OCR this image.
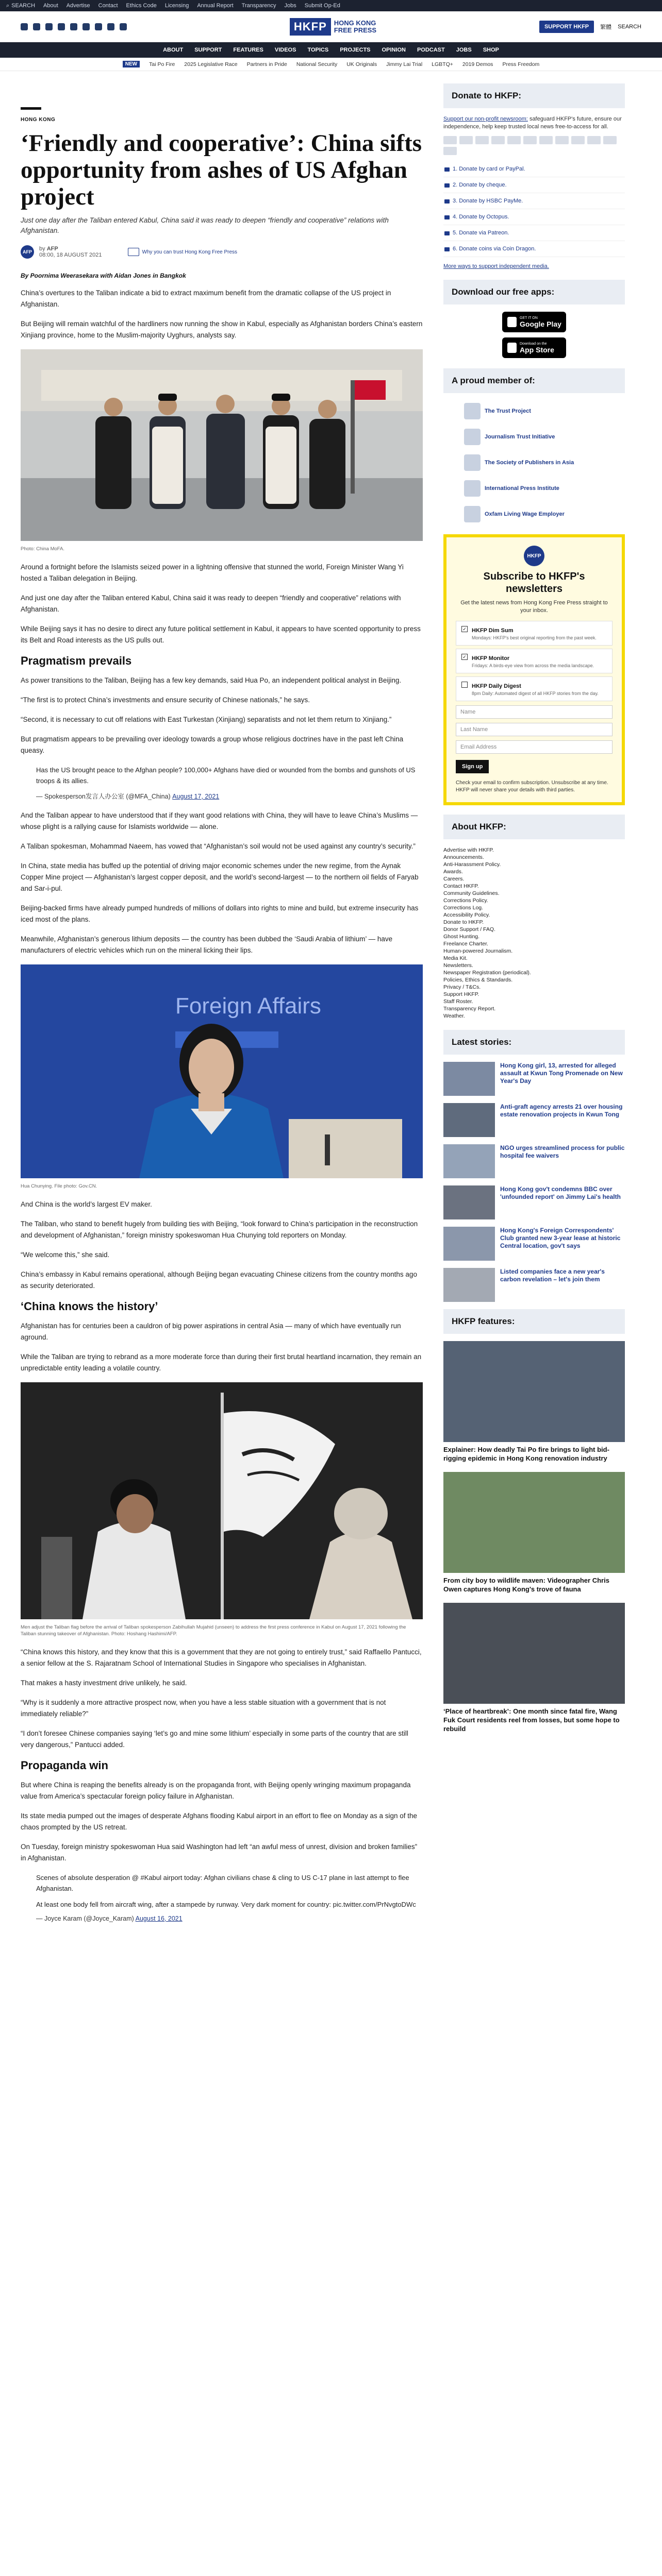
⌕ SEARCH About Advertise Contact Ethics Code Licensing Annual Report Transparency Jobs Submit Op-Ed
HKFP	HONG KONG
FREE PRESS	SUPPORT HKFP	繁體 SEARCH
ABOUT SUPPORT FEATURES VIDEOS TOPICS PROJECTS OPINION PODCAST JOBS SHOP
NEW	Tai Po Fire 2025 Legislative Race Partners in Pride National Security UK Originals Jimmy Lai Trial LGBTQ+ 2019 Demos Press Freedom
HONG KONG
‘Friendly and cooperative’: China sifts opportunity from ashes of US Afghan project
Just one day after the Taliban entered Kabul, China said it was ready to deepen “friendly and cooperative” relations with Afghanistan.
AFP	by AFP
08:00, 18 AUGUST 2021	Why you can trust Hong Kong Free Press
By Poornima Weerasekara with Aidan Jones in Bangkok

China’s overtures to the Taliban indicate a bid to extract maximum benefit from the dramatic collapse of the US project in Afghanistan.

But Beijing will remain watchful of the hardliners now running the show in Kabul, especially as Afghanistan borders China’s eastern Xinjiang province, home to the Muslim-majority Uyghurs, analysts say.

Photo: China MoFA.

Around a fortnight before the Islamists seized power in a lightning offensive that stunned the world, Foreign Minister Wang Yi hosted a Taliban delegation in Beijing.

And just one day after the Taliban entered Kabul, China said it was ready to deepen “friendly and cooperative” relations with Afghanistan.

While Beijing says it has no desire to direct any future political settlement in Kabul, it appears to have scented opportunity to press its Belt and Road interests as the US pulls out.

Pragmatism prevails

As power transitions to the Taliban, Beijing has a few key demands, said Hua Po, an independent political analyst in Beijing.

“The first is to protect China’s investments and ensure security of Chinese nationals,” he says.

“Second, it is necessary to cut off relations with East Turkestan (Xinjiang) separatists and not let them return to Xinjiang.”

But pragmatism appears to be prevailing over ideology towards a group whose religious doctrines have in the past left China queasy.

Has the US brought peace to the Afghan people? 100,000+ Afghans have died or wounded from the bombs and gunshots of US troops & its allies.

— Spokesperson发言人办公室 (@MFA_China) August 17, 2021

And the Taliban appear to have understood that if they want good relations with China, they will have to leave China’s Muslims — whose plight is a rallying cause for Islamists worldwide — alone.

A Taliban spokesman, Mohammad Naeem, has vowed that “Afghanistan’s soil would not be used against any country’s security.”

In China, state media has buffed up the potential of driving major economic schemes under the new regime, from the Aynak Copper Mine project — Afghanistan’s largest copper deposit, and the world’s second-largest — to the northern oil fields of Faryab and Sar-i-pul.

Beijing-backed firms have already pumped hundreds of millions of dollars into rights to mine and build, but extreme insecurity has iced most of the plans.

Meanwhile, Afghanistan’s generous lithium deposits — the country has been dubbed the ‘Saudi Arabia of lithium’ — have manufacturers of electric vehicles which run on the mineral licking their lips.

Foreign Affairs
Hua Chunying. File photo: Gov.CN.

And China is the world’s largest EV maker.

The Taliban, who stand to benefit hugely from building ties with Beijing, “look forward to China’s participation in the reconstruction and development of Afghanistan,” foreign ministry spokeswoman Hua Chunying told reporters on Monday.

“We welcome this,” she said.

China’s embassy in Kabul remains operational, although Beijing began evacuating Chinese citizens from the country months ago as security deteriorated.

‘China knows the history’

Afghanistan has for centuries been a cauldron of big power aspirations in central Asia — many of which have eventually run aground.

While the Taliban are trying to rebrand as a more moderate force than during their first brutal heartland incarnation, they remain an unpredictable entity leading a volatile country.

Men adjust the Taliban flag before the arrival of Taliban spokesperson Zabihullah Mujahid (unseen) to address the first press conference in Kabul on August 17, 2021 following the Taliban stunning takeover of Afghanistan. Photo: Hoshang Hashimi/AFP.

“China knows this history, and they know that this is a government that they are not going to entirely trust,” said Raffaello Pantucci, a senior fellow at the S. Rajaratnam School of International Studies in Singapore who specialises in Afghanistan.

That makes a hasty investment drive unlikely, he said.

“Why is it suddenly a more attractive prospect now, when you have a less stable situation with a government that is not immediately reliable?”

“I don’t foresee Chinese companies saying ‘let’s go and mine some lithium’ especially in some parts of the country that are still very dangerous,” Pantucci added.

Propaganda win

But where China is reaping the benefits already is on the propaganda front, with Beijing openly wringing maximum propaganda value from America’s spectacular foreign policy failure in Afghanistan.

Its state media pumped out the images of desperate Afghans flooding Kabul airport in an effort to flee on Monday as a sign of the chaos prompted by the US retreat.

On Tuesday, foreign ministry spokeswoman Hua said Washington had left “an awful mess of unrest, division and broken families” in Afghanistan.

Scenes of absolute desperation @ #Kabul airport today: Afghan civilians chase & cling to US C-17 plane in last attempt to flee Afghanistan.

At least one body fell from aircraft wing, after a stampede by runway. Very dark moment for country: pic.twitter.com/PrNvgtoDWc

— Joyce Karam (@Joyce_Karam) August 16, 2021
Donate to HKFP:
Support our non-profit newsroom: safeguard HKFP's future, ensure our independence, help keep trusted local news free-to-access for all.
1. Donate by card or PayPal.
2. Donate by cheque.
3. Donate by HSBC PayMe.
4. Donate by Octopus.
5. Donate via Patreon.
6. Donate coins via Coin Dragon.
More ways to support independent media.
Download our free apps:
GET IT ON
Google Play
Download on the
App Store
A proud member of:
The Trust Project
Journalism Trust Initiative
The Society of Publishers in Asia
International Press Institute
Oxfam Living Wage Employer
HKFP
Subscribe to HKFP's newsletters
Get the latest news from Hong Kong Free Press straight to your inbox.
✓ HKFP Dim Sum
Mondays: HKFP's best original reporting from the past week.
✓ HKFP Monitor
Fridays: A birds-eye view from across the media landscape.
HKFP Daily Digest
8pm Daily: Automated digest of all HKFP stories from the day.
Name
Last Name
Email Address
Sign up
Check your email to confirm subscription. Unsubscribe at any time. HKFP will never share your details with third parties.
About HKFP:
Advertise with HKFP.
Announcements.
Anti-Harassment Policy.
Awards.
Careers.
Contact HKFP.
Community Guidelines.
Corrections Policy.
Corrections Log.
Accessibility Policy.
Donate to HKFP.
Donor Support / FAQ.
Ghost Hunting.
Freelance Charter.
Human-powered Journalism.
Media Kit.
Newsletters.
Newspaper Registration (periodical).
Policies, Ethics & Standards.
Privacy / T&Cs.
Support HKFP.
Staff Roster.
Transparency Report.
Weather.
Latest stories:
Hong Kong girl, 13, arrested for alleged assault at Kwun Tong Promenade on New Year's Day
Anti-graft agency arrests 21 over housing estate renovation projects in Kwun Tong
NGO urges streamlined process for public hospital fee waivers
Hong Kong gov't condemns BBC over 'unfounded report' on Jimmy Lai's health
Hong Kong's Foreign Correspondents' Club granted new 3-year lease at historic Central location, gov't says
Listed companies face a new year's carbon revelation – let's join them
HKFP features:
Explainer: How deadly Tai Po fire brings to light bid-rigging epidemic in Hong Kong renovation industry
From city boy to wildlife maven: Videographer Chris Owen captures Hong Kong's trove of fauna
‘Place of heartbreak’: One month since fatal fire, Wang Fuk Court residents reel from losses, but some hope to rebuild
